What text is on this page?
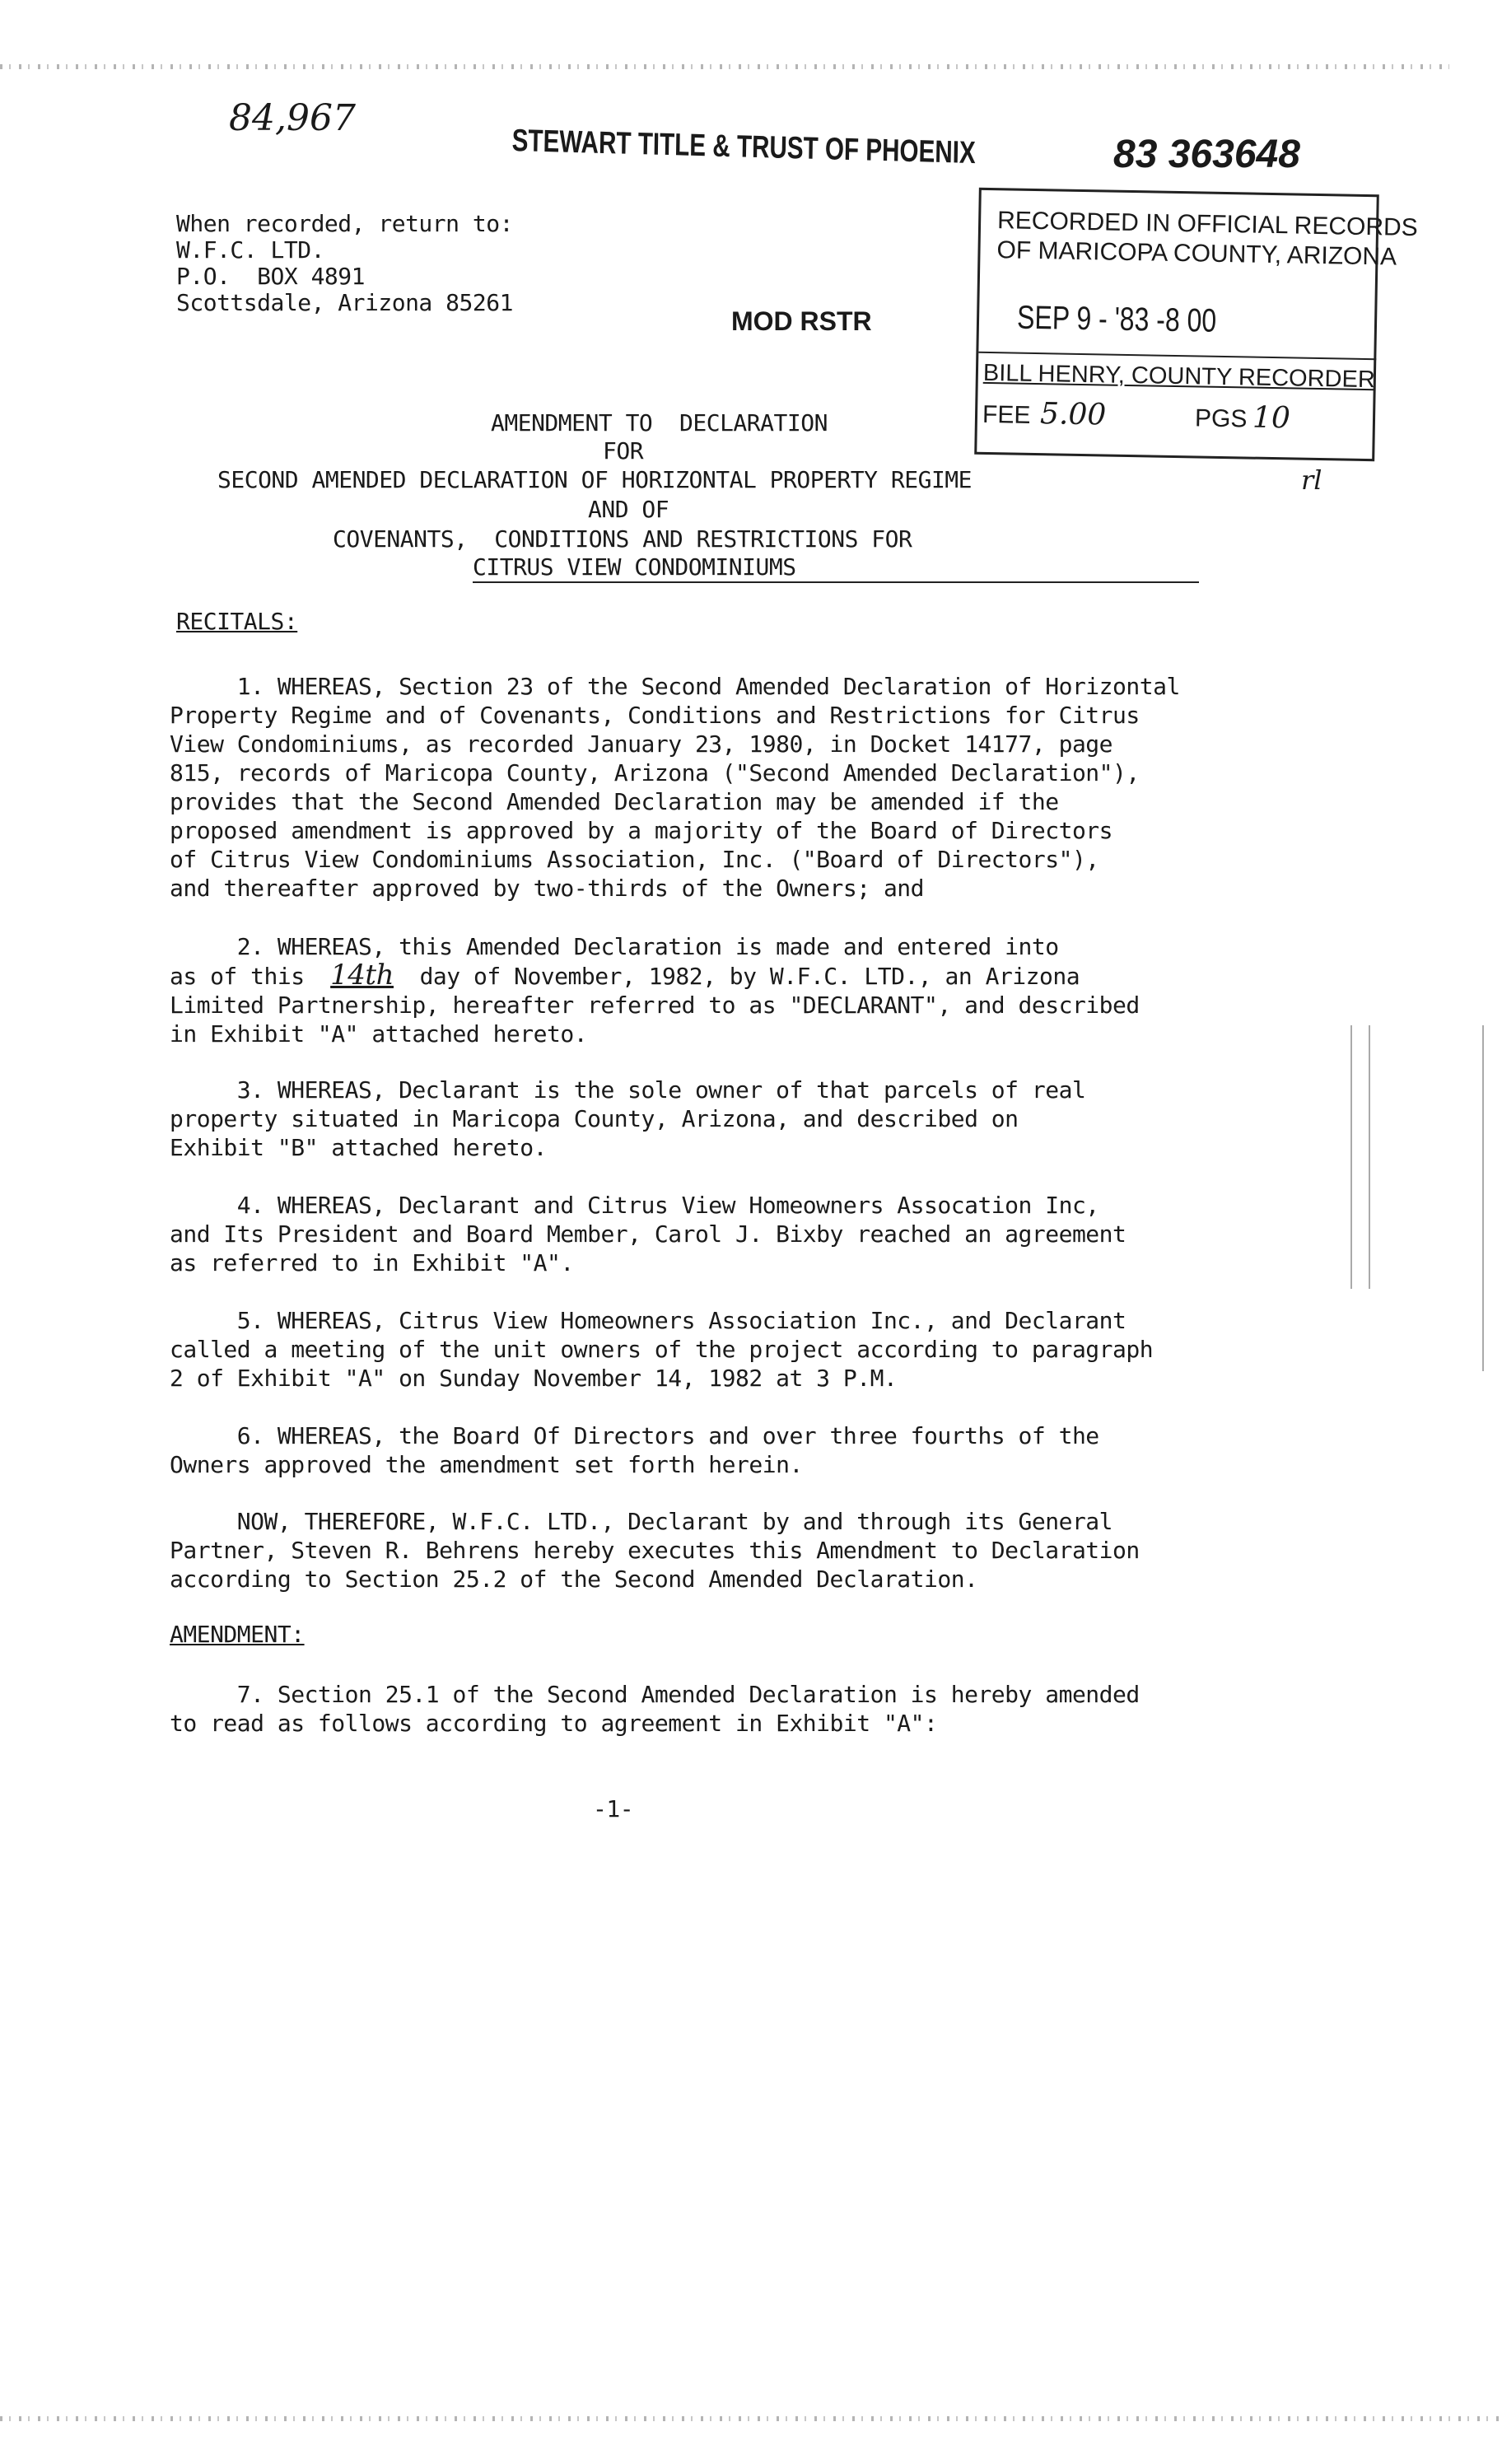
84,967
STEWART TITLE & TRUST OF PHOENIX	83 363648
When recorded, return to:
W.F.C. LTD.
P.O.  BOX 4891
Scottsdale, Arizona 85261
MOD RSTR
RECORDED IN OFFICIAL RECORDS
OF MARICOPA COUNTY, ARIZONA
SEP 9 - '83 -8 00
BILL HENRY, COUNTY RECORDER
FEE 5.00	PGS 10
rl
AMENDMENT TO  DECLARATION
FOR
SECOND AMENDED DECLARATION OF HORIZONTAL PROPERTY REGIME
AND OF
COVENANTS,  CONDITIONS AND RESTRICTIONS FOR
CITRUS VIEW CONDOMINIUMS
RECITALS:

1. WHEREAS, Section 23 of the Second Amended Declaration of Horizontal

Property Regime and of Covenants, Conditions and Restrictions for Citrus

View Condominiums, as recorded January 23, 1980, in Docket 14177, page

815, records of Maricopa County, Arizona ("Second Amended Declaration"),

provides that the Second Amended Declaration may be amended if the

proposed amendment is approved by a majority of the Board of Directors

of Citrus View Condominiums Association, Inc. ("Board of Directors"),

and thereafter approved by two-thirds of the Owners; and

2. WHEREAS, this Amended Declaration is made and entered into

as of this 14th day of November, 1982, by W.F.C. LTD., an Arizona

Limited Partnership, hereafter referred to as "DECLARANT", and described

in Exhibit "A" attached hereto.

3. WHEREAS, Declarant is the sole owner of that parcels of real

property situated in Maricopa County, Arizona, and described on

Exhibit "B" attached hereto.

4. WHEREAS, Declarant and Citrus View Homeowners Assocation Inc,

and Its President and Board Member, Carol J. Bixby reached an agreement

as referred to in Exhibit "A".

5. WHEREAS, Citrus View Homeowners Association Inc., and Declarant

called a meeting of the unit owners of the project according to paragraph

2 of Exhibit "A" on Sunday November 14, 1982 at 3 P.M.

6. WHEREAS, the Board Of Directors and over three fourths of the

Owners approved the amendment set forth herein.

NOW, THEREFORE, W.F.C. LTD., Declarant by and through its General

Partner, Steven R. Behrens hereby executes this Amendment to Declaration

according to Section 25.2 of the Second Amended Declaration.

AMENDMENT:

7. Section 25.1 of the Second Amended Declaration is hereby amended

to read as follows according to agreement in Exhibit "A":

-1-
